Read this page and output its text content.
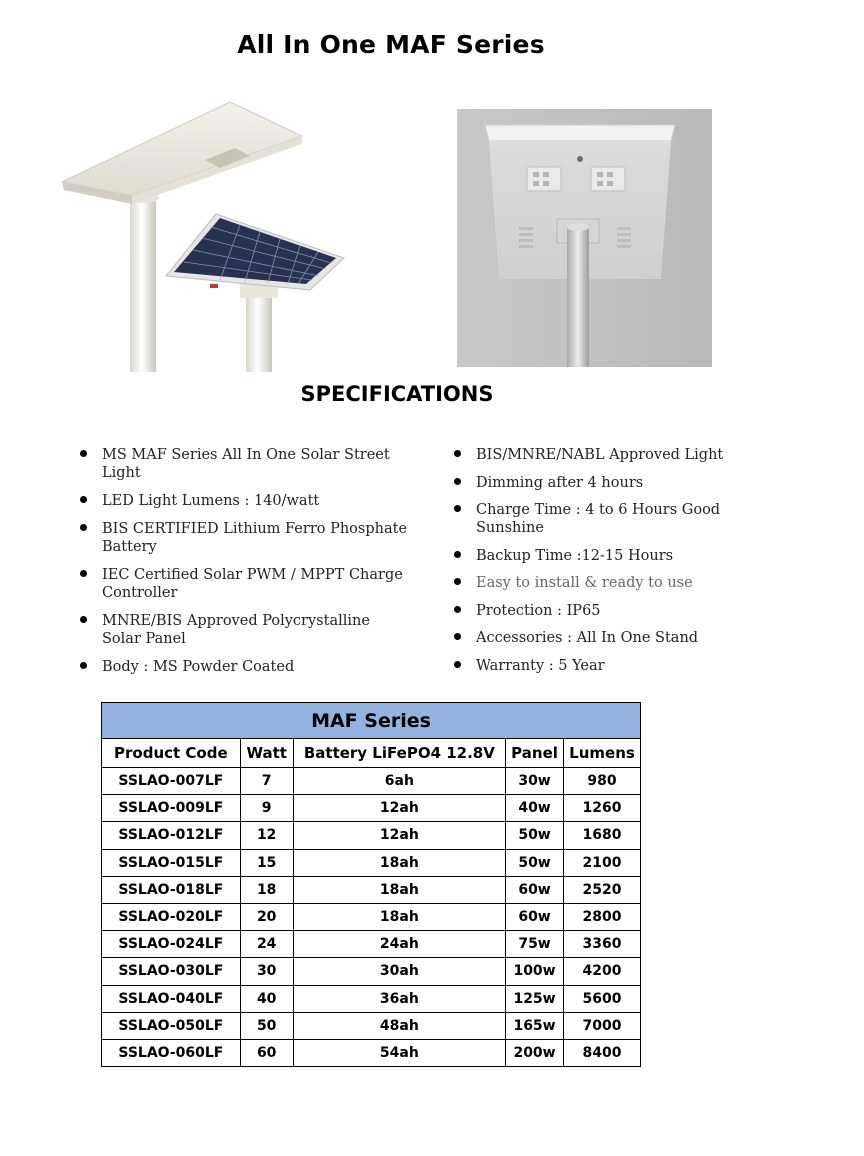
All In One MAF Series
SPECIFICATIONS
MS MAF Series All In One Solar Street Light
LED Light Lumens : 140/watt
BIS CERTIFIED Lithium Ferro Phosphate Battery
IEC Certified Solar PWM / MPPT Charge Controller
MNRE/BIS Approved Polycrystalline Solar Panel
Body : MS Powder Coated
BIS/MNRE/NABL Approved Light
Dimming after 4 hours
Charge Time : 4 to 6 Hours Good Sunshine
Backup Time :12-15 Hours
Easy to install & ready to use
Protection : IP65
Accessories : All In One Stand
Warranty : 5 Year
MAF Series				
Product Code	Watt	Battery LiFePO4 12.8V	Panel	Lumens
SSLAO-007LF	7	6ah	30w	980
SSLAO-009LF	9	12ah	40w	1260
SSLAO-012LF	12	12ah	50w	1680
SSLAO-015LF	15	18ah	50w	2100
SSLAO-018LF	18	18ah	60w	2520
SSLAO-020LF	20	18ah	60w	2800
SSLAO-024LF	24	24ah	75w	3360
SSLAO-030LF	30	30ah	100w	4200
SSLAO-040LF	40	36ah	125w	5600
SSLAO-050LF	50	48ah	165w	7000
SSLAO-060LF	60	54ah	200w	8400
